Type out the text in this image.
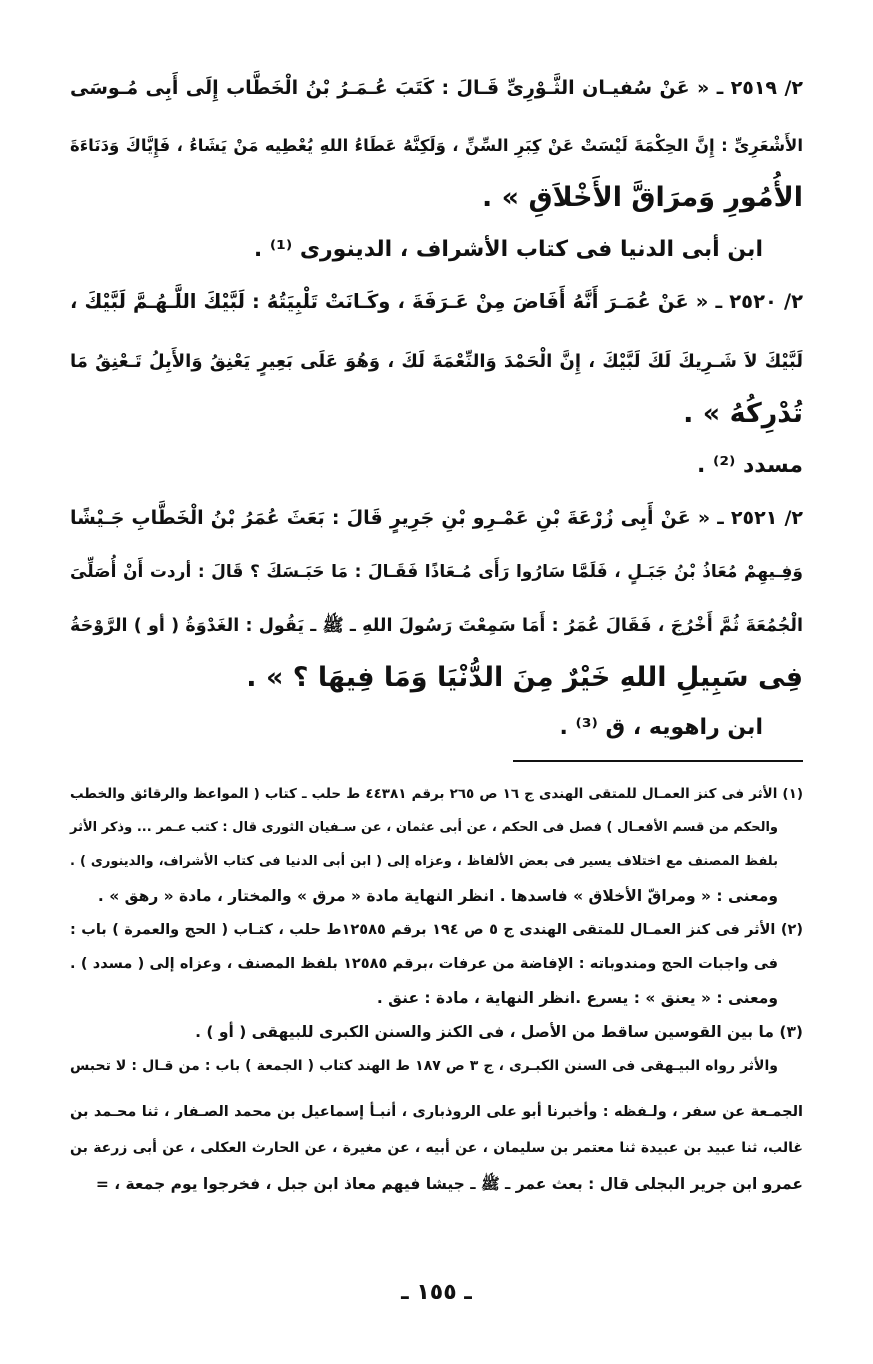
٢/ ٢٥١٩ ـ « عَنْ سُفيـان الثَّـوْرِىِّ قَـالَ : كَتَبَ عُـمَـرُ بْنُ الْخَطَّاب إِلَى أَبِى مُـوسَى
الأَشْعَرِىِّ : إِنَّ الحِكْمَةَ لَيْسَتْ عَنْ كِبَرِ السِّنِّ ، وَلَكِنَّهُ عَطَاءُ اللهِ يُعْطِيه مَنْ يَشَاءُ ، فَإِيَّاكَ وَدَنَاءَةَ
الأُمُورِ وَمرَاقَّ الأَخْلاَقِ » .
ابن أبى الدنيا فى كتاب الأشراف ، الدينورى ⁽¹⁾ .
٢/ ٢٥٢٠ ـ « عَنْ عُمَـرَ أَنَّهُ أَفَاضَ مِنْ عَـرَفَةَ ، وكَـانَتْ تَلْبِيَتُهُ : لَبَّيْكَ اللَّـهُـمَّ لَبَّيْكَ ،
لَبَّيْكَ لاَ شَـرِيكَ لَكَ لَبَّيْكَ ، إِنَّ الْحَمْدَ وَالنِّعْمَةَ لَكَ ، وَهُوَ عَلَى بَعِيرٍ يَعْنِقُ وَالأَبِلُ تَـعْنِقُ مَا
تُدْرِكُهُ » .
مسدد ⁽²⁾ .
٢/ ٢٥٢١ ـ « عَنْ أَبِى زُرْعَةَ بْنِ عَمْـرِو بْنِ جَرِيرٍ قَالَ : بَعَثَ عُمَرُ بْنُ الْخَطَّابِ جَـيْشًا
وَفِـيهِمْ مُعَاذُ بْنُ جَبَـلٍ ، فَلَمَّا سَارُوا رَأَى مُـعَاذًا فَقَـالَ : مَا حَبَـسَكَ ؟ قَالَ : أردت أَنْ أُصَلِّىَ
الْجُمُعَةَ ثُمَّ أَخْرُجَ ، فَقَالَ عُمَرُ : أَمَا سَمِعْتَ رَسُولَ اللهِ ـ ﷺ ـ يَقُول : الغَدْوَةُ ( أو ) الرَّوْحَةُ
فِى سَبِيلِ اللهِ خَيْرٌ مِنَ الدُّنْيَا وَمَا فِيهَا ؟ » .
ابن راهويه ، ق ⁽³⁾ .
(١) الأثر فى كنز العمـال للمتقى الهندى ج ١٦ ص ٢٦٥ برقم ٤٤٣٨١ ط حلب ـ كتاب ( المواعظ والرقائق والخطب
والحكم من قسم الأفعـال ) فصل فى الحكم ، عن أبى عثمان ، عن سـفيان الثورى قال : كتب عـمر ... وذكر الأثر
بلفظ المصنف مع اختلاف يسير فى بعض الألفاظ ، وعزاه إلى ( ابن أبى الدنيا فى كتاب الأشراف، والدينورى ) .
ومعنى : « ومراقّ الأخلاق » فاسدها . انظر النهاية مادة « مرق » والمختار ، مادة « رهق » .
(٢) الأثر فى كنز العمـال للمتقى الهندى ج ٥ ص ١٩٤ برقم ١٢٥٨٥ط حلب ، كتـاب ( الحج والعمرة ) باب :
فى واجبات الحج ومندوباته : الإفاضة من عرفات ،برقم ١٢٥٨٥ بلفظ المصنف ، وعزاه إلى ( مسدد ) .
ومعنى : « يعنق » : يسرع .انظر النهاية ، مادة : عنق .
(٣) ما بين القوسين ساقط من الأصل ، فى الكنز والسنن الكبرى للبيهقى ( أو ) .
والأثر رواه البيـهقى فى السنن الكبـرى ، ج ٣ ص ١٨٧ ط الهند كتاب ( الجمعة ) باب : من قـال : لا تحبس
الجمـعة عن سفر ، ولـفظه : وأخبرنا أبو على الروذبارى ، أنبـأ إسماعيل بن محمد الصـفار ، ثنا محـمد بن
غالب، ثنا عبيد بن عبيدة ثنا معتمر بن سليمان ، عن أبيه ، عن مغيرة ، عن الحارث العكلى ، عن أبى زرعة بن
عمرو ابن جرير البجلى قال : بعث عمر ـ ﷺ ـ جيشا فيهم معاذ ابن جبل ، فخرجوا يوم جمعة ، =
ـ ١٥٥ ـ
